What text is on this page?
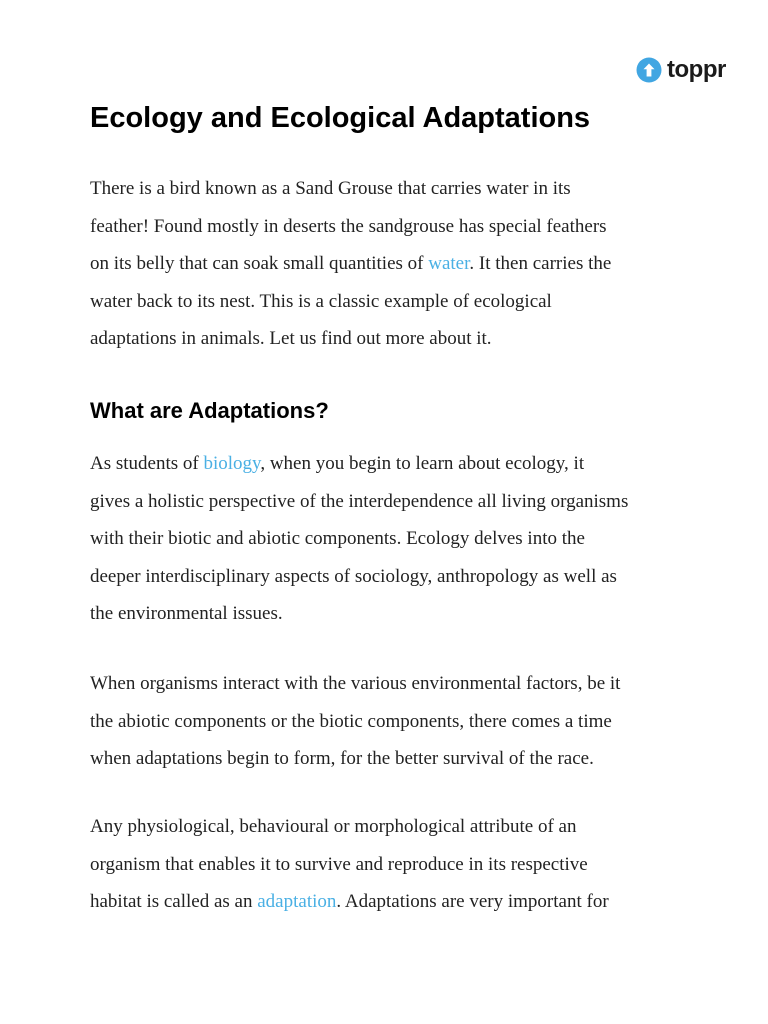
toppr
Ecology and Ecological Adaptations

There is a bird known as a Sand Grouse that carries water in its
feather! Found mostly in deserts the sandgrouse has special feathers
on its belly that can soak small quantities of water. It then carries the
water back to its nest. This is a classic example of ecological
adaptations in animals. Let us find out more about it.

What are Adaptations?

As students of biology, when you begin to learn about ecology, it
gives a holistic perspective of the interdependence all living organisms
with their biotic and abiotic components. Ecology delves into the
deeper interdisciplinary aspects of sociology, anthropology as well as
the environmental issues.

When organisms interact with the various environmental factors, be it
the abiotic components or the biotic components, there comes a time
when adaptations begin to form, for the better survival of the race.

Any physiological, behavioural or morphological attribute of an
organism that enables it to survive and reproduce in its respective
habitat is called as an adaptation. Adaptations are very important for
